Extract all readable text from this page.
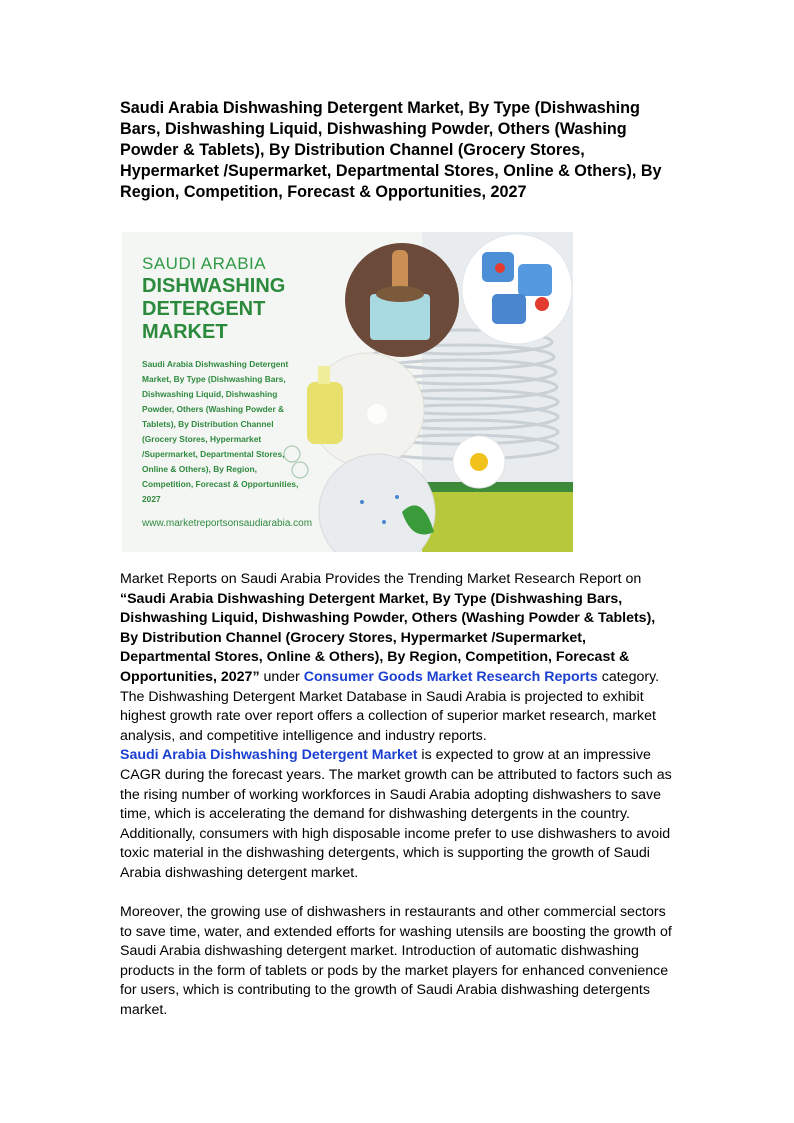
Saudi Arabia Dishwashing Detergent Market, By Type (Dishwashing Bars, Dishwashing Liquid, Dishwashing Powder, Others (Washing Powder & Tablets), By Distribution Channel (Grocery Stores, Hypermarket /Supermarket, Departmental Stores, Online & Others), By Region, Competition, Forecast & Opportunities, 2027
SAUDI ARABIA
DISHWASHING
DETERGENT
MARKET
Saudi Arabia Dishwashing Detergent Market, By Type (Dishwashing Bars, Dishwashing Liquid, Dishwashing Powder, Others (Washing Powder & Tablets), By Distribution Channel (Grocery Stores, Hypermarket /Supermarket, Departmental Stores, Online & Others), By Region, Competition, Forecast & Opportunities, 2027
www.marketreportsonsaudiarabia.com

Market Reports on Saudi Arabia Provides the Trending Market Research Report on “Saudi Arabia Dishwashing Detergent Market, By Type (Dishwashing Bars, Dishwashing Liquid, Dishwashing Powder, Others (Washing Powder & Tablets), By Distribution Channel (Grocery Stores, Hypermarket /Supermarket, Departmental Stores, Online & Others), By Region, Competition, Forecast & Opportunities, 2027” under Consumer Goods Market Research Reports category. The Dishwashing Detergent Market Database in Saudi Arabia is projected to exhibit highest growth rate over report offers a collection of superior market research, market analysis, and competitive intelligence and industry reports.

Saudi Arabia Dishwashing Detergent Market is expected to grow at an impressive CAGR during the forecast years. The market growth can be attributed to factors such as the rising number of working workforces in Saudi Arabia adopting dishwashers to save time, which is accelerating the demand for dishwashing detergents in the country. Additionally, consumers with high disposable income prefer to use dishwashers to avoid toxic material in the dishwashing detergents, which is supporting the growth of Saudi Arabia dishwashing detergent market.

Moreover, the growing use of dishwashers in restaurants and other commercial sectors to save time, water, and extended efforts for washing utensils are boosting the growth of Saudi Arabia dishwashing detergent market. Introduction of automatic dishwashing products in the form of tablets or pods by the market players for enhanced convenience for users, which is contributing to the growth of Saudi Arabia dishwashing detergents market.
